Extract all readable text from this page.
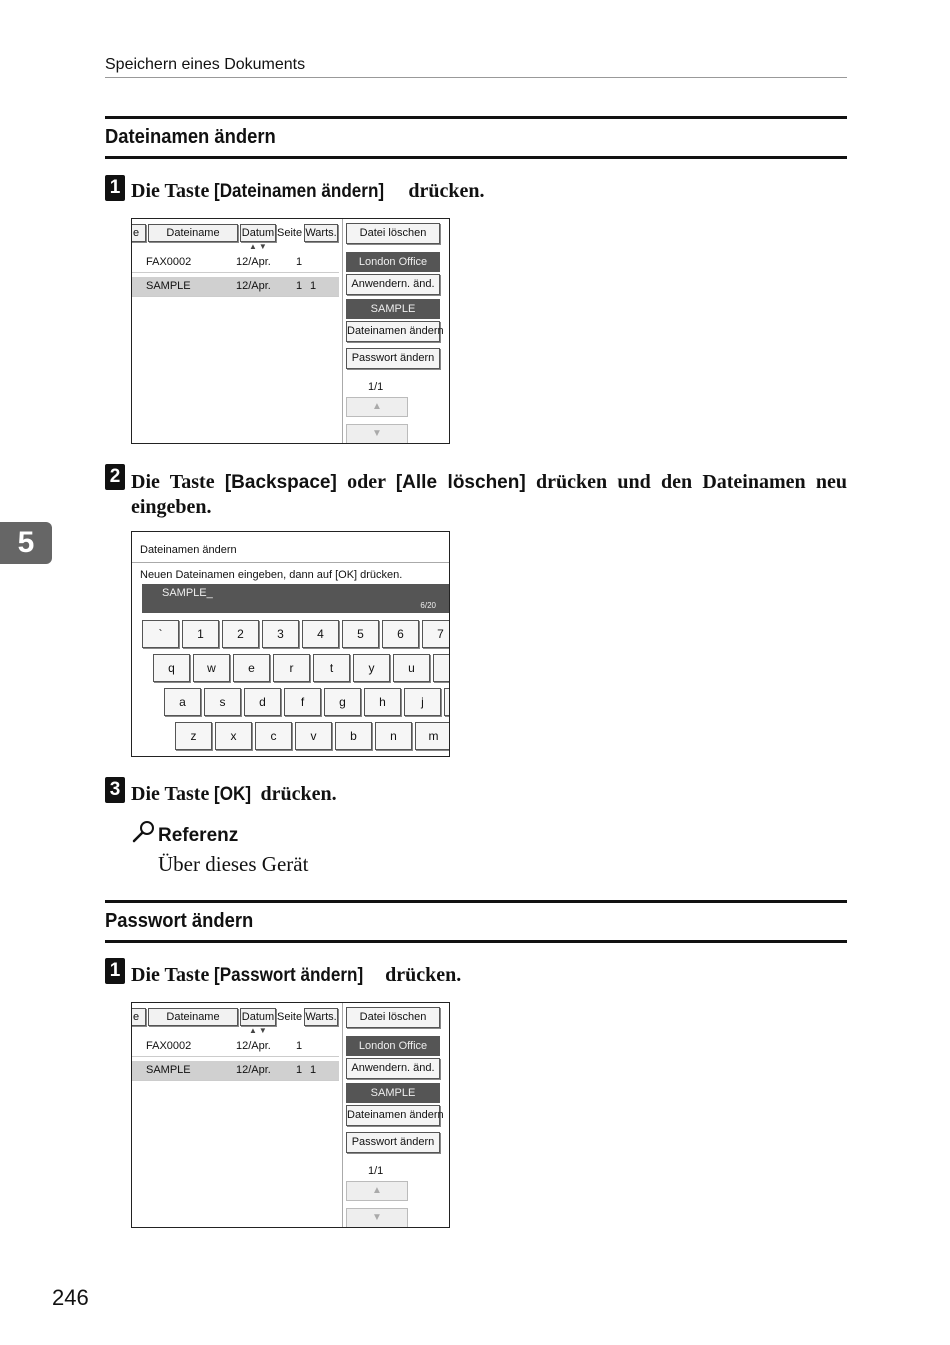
Speichern eines Dokuments
5
Dateinamen ändern
1 Die Taste [Dateinamen ändern] drücken.
e	Dateiname	Datum Seite Warts.
▲▼
FAX0002	12/Apr. 1
SAMPLE	12/Apr. 1 1
Datei löschen
London Office
Anwendern. änd.
SAMPLE
Dateinamen ändern
Passwort ändern
1/1
▲
▼
2 Die Taste [Backspace] oder [Alle löschen] drücken und den Dateinamen neu eingeben.
Dateinamen ändern
Neuen Dateinamen eingeben, dann auf [OK] drücken.
SAMPLE_
6/20
`	1	2	3	4	5	6	7
q	w	e	r	t	y	u
a	s	d	f	g	h	j
z	x	c	v	b	n	m
3 Die Taste [OK] drücken.
Referenz
Über dieses Gerät
Passwort ändern
1 Die Taste [Passwort ändern] drücken.
e	Dateiname	Datum Seite Warts.
▲▼
FAX0002	12/Apr. 1
SAMPLE	12/Apr. 1 1
Datei löschen
London Office
Anwendern. änd.
SAMPLE
Dateinamen ändern
Passwort ändern
1/1
▲
▼
246
